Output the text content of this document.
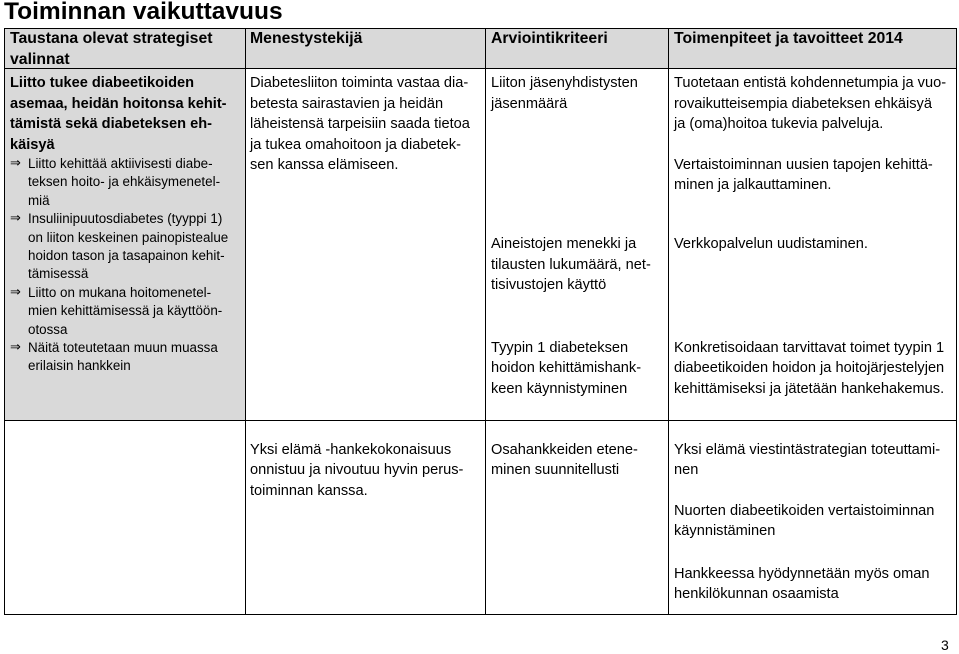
Toiminnan vaikuttavuus
Taustana olevat strategiset
valinnat
Menestystekijä	Arviointikriteeri	Toimenpiteet ja tavoitteet 2014
Liitto tukee diabeetikoiden
asemaa, heidän hoitonsa kehit-
tämistä sekä diabeteksen eh-
käisyä
⇒ Liitto kehittää aktiivisesti diabe-
teksen hoito- ja ehkäisymenetel-
miä
⇒ Insuliinipuutosdiabetes (tyyppi 1)
on liiton keskeinen painopistealue
hoidon tason ja tasapainon kehit-
tämisessä
⇒ Liitto on mukana hoitomenetel-
mien kehittämisessä ja käyttöön-
otossa
⇒ Näitä toteutetaan muun muassa
erilaisin hankkein
Diabetesliiton toiminta vastaa dia-
betesta sairastavien ja heidän
läheistensä tarpeisiin saada tietoa
ja tukea omahoitoon ja diabetek-
sen kanssa elämiseen.
Liiton jäsenyhdistysten
jäsenmäärä
Aineistojen menekki ja
tilausten lukumäärä, net-
tisivustojen käyttö
Tyypin 1 diabeteksen
hoidon kehittämishank-
keen käynnistyminen
Tuotetaan entistä kohdennetumpia ja vuo-
rovaikutteisempia diabeteksen ehkäisyä
ja (oma)hoitoa tukevia palveluja.
Vertaistoiminnan uusien tapojen kehittä-
minen ja jalkauttaminen.
Verkkopalvelun uudistaminen.
Konkretisoidaan tarvittavat toimet tyypin 1
diabeetikoiden hoidon ja hoitojärjestelyjen
kehittämiseksi ja jätetään hankehakemus.
Yksi elämä -hankekokonaisuus
onnistuu ja nivoutuu hyvin perus-
toiminnan kanssa.
Osahankkeiden etene-
minen suunnitellusti
Yksi elämä viestintästrategian toteuttami-
nen
Nuorten diabeetikoiden vertaistoiminnan
käynnistäminen
Hankkeessa hyödynnetään myös oman
henkilökunnan osaamista
3
